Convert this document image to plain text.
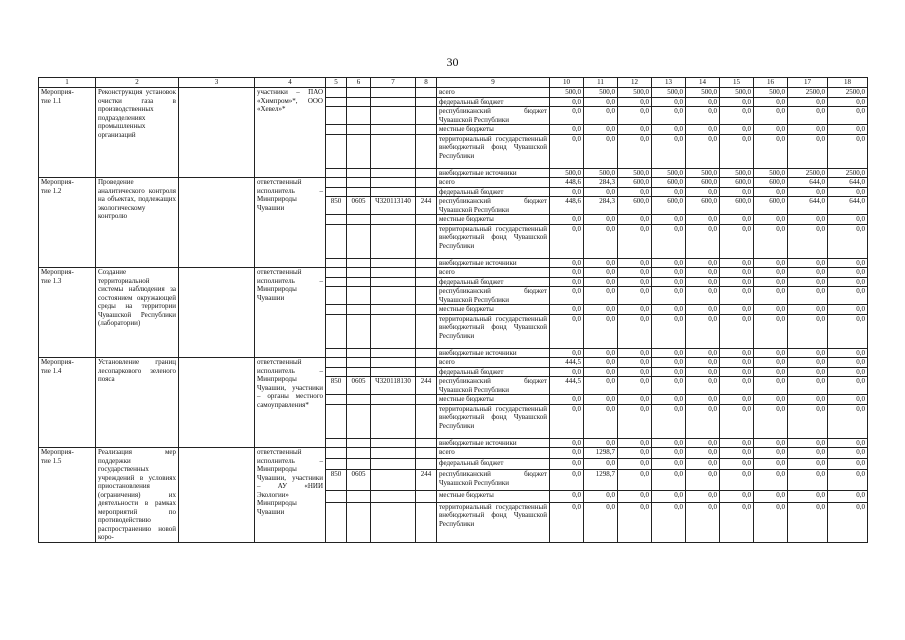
30
1	2	3	4	5	6	7	8	9	10	11	12	13	14	15	16	17	18
Мероприя-
тие 1.1	Реконструкция установок очистки газа в производственных подразделениях промышленных организаций		участники – ПАО «Химпром»*, ООО «Хевел»*					всего	500,0	500,0	500,0	500,0	500,0	500,0	500,0	2500,0	2500,0
								федеральный бюджет	0,0	0,0	0,0	0,0	0,0	0,0	0,0	0,0	0,0
								республиканский бюджет Чувашской Республики	0,0	0,0	0,0	0,0	0,0	0,0	0,0	0,0	0,0
								местные бюджеты	0,0	0,0	0,0	0,0	0,0	0,0	0,0	0,0	0,0
								территориальный государственный внебюджетный фонд Чувашской Республики	0,0	0,0	0,0	0,0	0,0	0,0	0,0	0,0	0,0
								внебюджетные источники	500,0	500,0	500,0	500,0	500,0	500,0	500,0	2500,0	2500,0
Мероприя-
тие 1.2	Проведение аналитического контроля на объектах, подлежащих экологическому контролю		ответственный исполнитель – Минприроды Чувашии					всего	448,6	284,3	600,0	600,0	600,0	600,0	600,0	644,0	644,0
								федеральный бюджет	0,0	0,0	0,0	0,0	0,0	0,0	0,0	0,0	0,0
				850	0605	Ч320113140	244	республиканский бюджет Чувашской Республики	448,6	284,3	600,0	600,0	600,0	600,0	600,0	644,0	644,0
								местные бюджеты	0,0	0,0	0,0	0,0	0,0	0,0	0,0	0,0	0,0
								территориальный государственный внебюджетный фонд Чувашской Республики	0,0	0,0	0,0	0,0	0,0	0,0	0,0	0,0	0,0
								внебюджетные источники	0,0	0,0	0,0	0,0	0,0	0,0	0,0	0,0	0,0
Мероприя-
тие 1.3	Создание территориальной системы наблюдения за состоянием окружающей среды на территории Чувашской Республики (лаборатории)		ответственный исполнитель – Минприроды Чувашии					всего	0,0	0,0	0,0	0,0	0,0	0,0	0,0	0,0	0,0
								федеральный бюджет	0,0	0,0	0,0	0,0	0,0	0,0	0,0	0,0	0,0
								республиканский бюджет Чувашской Республики	0,0	0,0	0,0	0,0	0,0	0,0	0,0	0,0	0,0
								местные бюджеты	0,0	0,0	0,0	0,0	0,0	0,0	0,0	0,0	0,0
								территориальный государственный внебюджетный фонд Чувашской Республики	0,0	0,0	0,0	0,0	0,0	0,0	0,0	0,0	0,0
								внебюджетные источники	0,0	0,0	0,0	0,0	0,0	0,0	0,0	0,0	0,0
Мероприя-
тие 1.4	Установление границ лесопаркового зеленого пояса		ответственный исполнитель – Минприроды Чувашии, участники – органы местного самоуправления*					всего	444,5	0,0	0,0	0,0	0,0	0,0	0,0	0,0	0,0
								федеральный бюджет	0,0	0,0	0,0	0,0	0,0	0,0	0,0	0,0	0,0
				850	0605	Ч320118130	244	республиканский бюджет Чувашской Республики	444,5	0,0	0,0	0,0	0,0	0,0	0,0	0,0	0,0
								местные бюджеты	0,0	0,0	0,0	0,0	0,0	0,0	0,0	0,0	0,0
								территориальный государственный внебюджетный фонд Чувашской Республики	0,0	0,0	0,0	0,0	0,0	0,0	0,0	0,0	0,0
								внебюджетные источники	0,0	0,0	0,0	0,0	0,0	0,0	0,0	0,0	0,0
Мероприя-
тие 1.5	Реализация мер поддержки государственных учреждений в условиях приостановления (ограничения) их деятельности в рамках мероприятий по противодействию распространению новой коро-		ответственный исполнитель – Минприроды Чувашии, участники – АУ «НИИ Экологии» Минприроды Чувашии					всего	0,0	1298,7	0,0	0,0	0,0	0,0	0,0	0,0	0,0
								федеральный бюджет	0,0	0,0	0,0	0,0	0,0	0,0	0,0	0,0	0,0
				850	0605		244	республиканский бюджет Чувашской Республики	0,0	1298,7	0,0	0,0	0,0	0,0	0,0	0,0	0,0
								местные бюджеты	0,0	0,0	0,0	0,0	0,0	0,0	0,0	0,0	0,0
								территориальный государственный внебюджетный фонд Чувашской Республики	0,0	0,0	0,0	0,0	0,0	0,0	0,0	0,0	0,0
